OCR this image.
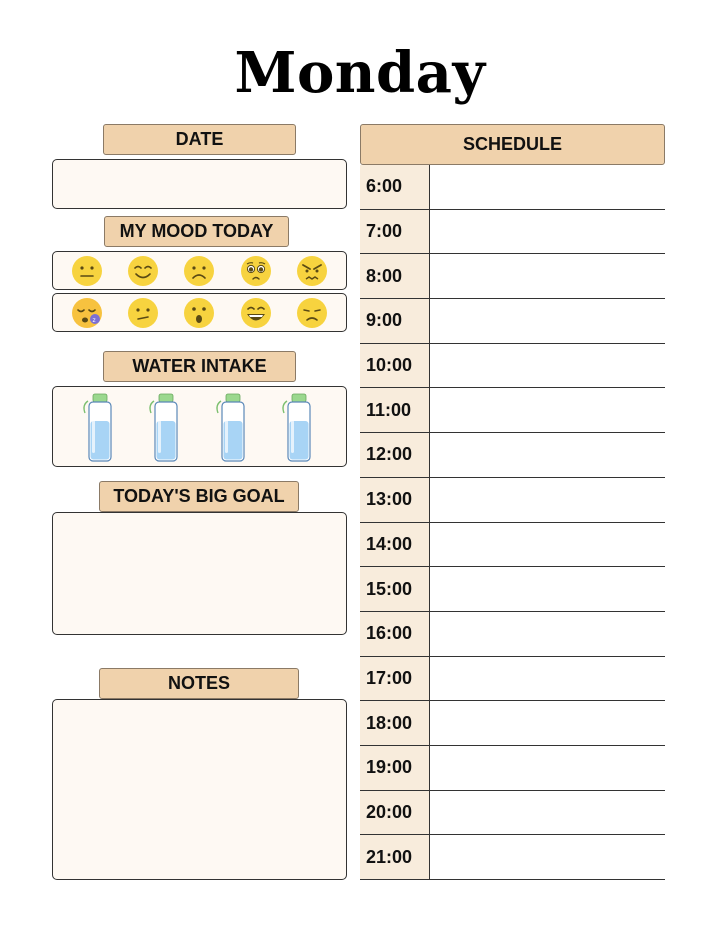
Monday
DATE
MY MOOD TODAY
z
WATER INTAKE
TODAY'S BIG GOAL
NOTES
SCHEDULE
6:00
7:00
8:00
9:00
10:00
11:00
12:00
13:00
14:00
15:00
16:00
17:00
18:00
19:00
20:00
21:00
